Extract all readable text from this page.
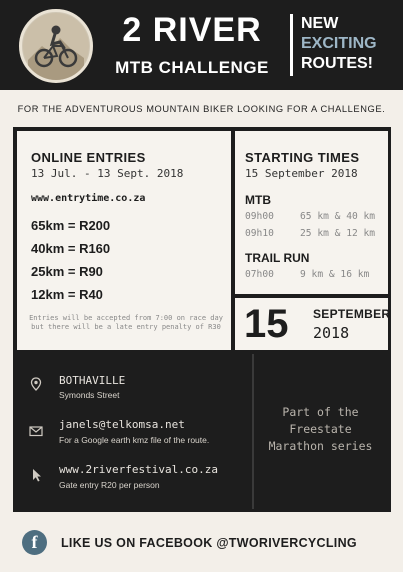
2 RIVER
MTB CHALLENGE
NEW
EXCITING
ROUTES!
FOR THE ADVENTUROUS MOUNTAIN BIKER LOOKING FOR A CHALLENGE.
ONLINE ENTRIES
13 Jul. - 13 Sept. 2018
www.entrytime.co.za
65km = R200
40km = R160
25km = R90
12km = R40
Entries will be accepted from 7:00 on race day
but there will be a late entry penalty of R30
STARTING TIMES
15 September 2018
MTB
09h00	65 km & 40 km
09h10	25 km & 12 km
TRAIL RUN
07h00	9 km & 16 km
15 SEPTEMBER
2018
BOTHAVILLE
Symonds Street
janels@telkomsa.net
For a Google earth kmz file of the route.
www.2riverfestival.co.za
Gate entry R20 per person
Part of the
Freestate
Marathon series
f	LIKE US ON FACEBOOK @TWORIVERCYCLING
